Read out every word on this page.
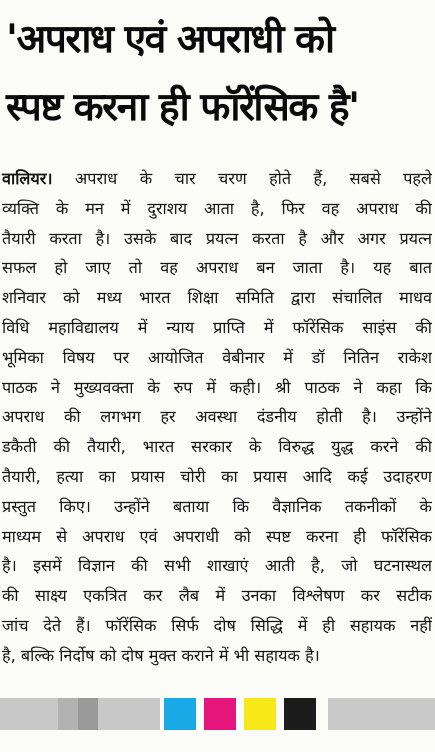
'अपराध एवं अपराधी को
स्पष्ट करना ही फॉरेंसिक है'
वालियर। अपराध के चार चरण होते हैं, सबसे पहले
व्यक्ति के मन में दुराशय आता है, फिर वह अपराध की
तैयारी करता है। उसके बाद प्रयत्न करता है और अगर प्रयत्न
सफल हो जाए तो वह अपराध बन जाता है। यह बात
शनिवार को मध्य भारत शिक्षा समिति द्वारा संचालित माधव
विधि महाविद्यालय में न्याय प्राप्ति में फॉरेंसिक साइंस की
भूमिका विषय पर आयोजित वेबीनार में डॉ नितिन राकेश
पाठक ने मुख्यवक्ता के रुप में कही। श्री पाठक ने कहा कि
अपराध की लगभग हर अवस्था दंडनीय होती है। उन्होंने
डकैती की तैयारी, भारत सरकार के विरुद्ध युद्ध करने की
तैयारी, हत्या का प्रयास चोरी का प्रयास आदि कई उदाहरण
प्रस्तुत किए। उन्होंने बताया कि वैज्ञानिक तकनीकों के
माध्यम से अपराध एवं अपराधी को स्पष्ट करना ही फॉरेंसिक
है। इसमें विज्ञान की सभी शाखाएं आती है, जो घटनास्थल
की साक्ष्य एकत्रित कर लैब में उनका विश्लेषण कर सटीक
जांच देते हैं। फॉरेंसिक सिर्फ दोष सिद्धि में ही सहायक नहीं
है, बल्कि निर्दोष को दोष मुक्त कराने में भी सहायक है।
